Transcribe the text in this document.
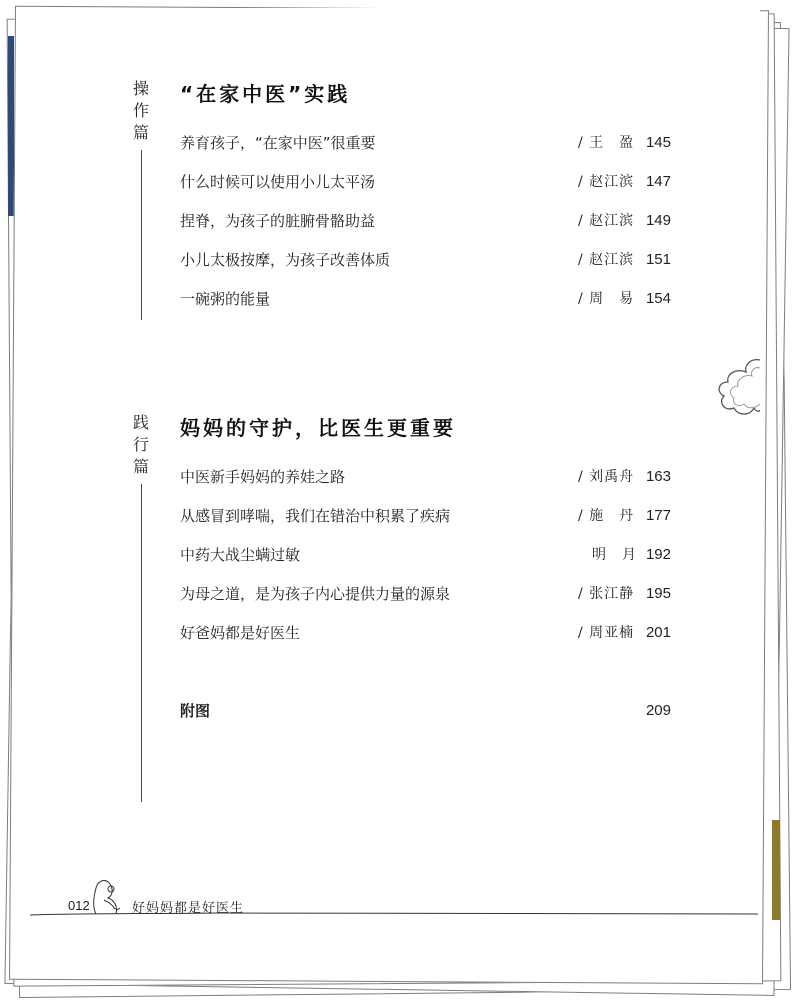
操
作
篇
“在家中医”实践
养育孩子，“在家中医”很重要	/ 王　盈 145
什么时候可以使用小儿太平汤	/ 赵江滨 147
捏脊，为孩子的脏腑骨骼助益	/ 赵江滨 149
小儿太极按摩，为孩子改善体质	/ 赵江滨 151
一碗粥的能量	/ 周　易 154
践
行
篇
妈妈的守护，比医生更重要
中医新手妈妈的养娃之路	/ 刘禹舟 163
从感冒到哮喘，我们在错治中积累了疾病	/ 施　丹 177
中药大战尘螨过敏	明　月 192
为母之道，是为孩子内心提供力量的源泉	/ 张江静 195
好爸妈都是好医生	/ 周亚楠 201
附图	209
012	好妈妈都是好医生
